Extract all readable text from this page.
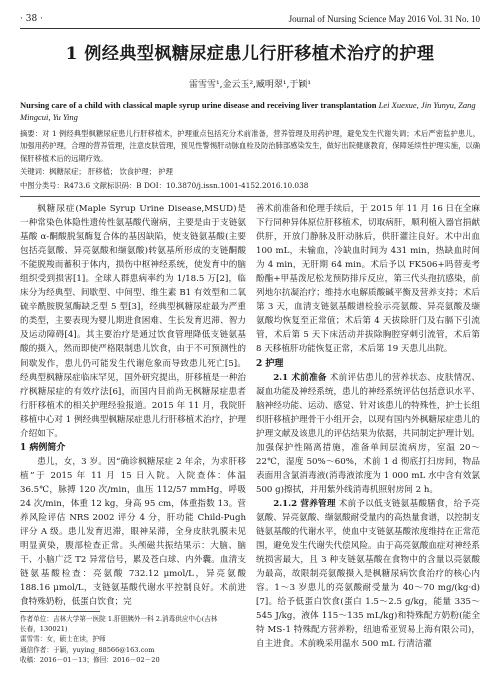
· 38 ·	Journal of Nursing Science May 2016 Vol. 31 No. 10
1 例经典型枫糖尿症患儿行肝移植术治疗的护理
雷雪雪¹,金云玉²,臧明翠¹,于颖¹
Nursing care of a child with classical maple syrup urine disease and receiving liver transplantation Lei Xuexue, Jin Yunyu, Zang
Mingcui, Yu Ying
摘要：对 1 例经典型枫糖尿症患儿行肝移植术，护理重点包括充分术前准备，营养管理及用药护理，避免发生代谢失调；术后严密监护患儿，加强用药护理，合理的营养管理，注意皮肤管理，预见性警惕肝动脉血栓及防治肺部感染发生，做好出院健康教育，保障延续性护理实施，以确保肝移植术后的远期疗效。
关键词：枫糖尿症； 肝移植； 饮食护理； 护理
中图分类号：R473.6 文献标识码：B DOI：10.3870/j.issn.1001-4152.2016.10.038

枫糖尿症(Maple Syrup Urine Disease,MSUD)是一种常染色体隐性遗传性氨基酸代谢病，主要是由于支链氨基酸 α-酮酸脱氢酶复合体的基因缺陷，使支链氨基酸(主要包括亮氨酸、异亮氨酸和缬氨酸)转氨基所形成的支链酮酸不能脱羧而蓄积于体内，损伤中枢神经系统，使发育中的脑组织受到损害[1]。全球人群患病率约为 1/18.5 万[2]，临床分为经典型、间歇型、中间型、维生素 B1 有效型和二氧硫辛酰胺脱氢酶缺乏型 5 型[3]，经典型枫糖尿症最为严重的类型，主要表现为婴儿期进食困难、生长发育迟滞、智力及运动障碍[4]。其主要治疗是通过饮食管理降低支链氨基酸的摄入，然而即使严格限制患儿饮食，由于不可预测性的间歇发作，患儿仍可能发生代谢危象而导致患儿死亡[5]。经典型枫糖尿症临床罕见，国外研究提出，肝移植是一种治疗枫糖尿症的有效疗法[6]，而国内目前尚无枫糖尿症患者行肝移植术的相关护理经验报道。2015 年 11 月，我院肝移植中心对 1 例经典型枫糖尿症患儿行肝移植术治疗，护理介绍如下。

1 病例简介

患儿，女，3 岁。因“确诊枫糖尿症 2 年余，为求肝移植”于 2015 年 11 月 15 日入院。入院查体：体温 36.5℃，脉搏 120 次/min，血压 112/57 mmHg，呼吸 24 次/min，体重 12 kg，身高 95 cm，体重指数 13。营养风险评估 NRS 2002 评分 4 分，肝功能 Child-Pugh 评分 A 级。患儿发育迟滞，眼神呆滞，全身皮肤乳膜未见明显黄染，腹部检查正常。头颅磁共振结果示：大脑、脑干、小脑广泛 T2 异常信号，累及苍白球、内外囊。血清支链氨基酸检查：亮氨酸 732.12 μmol/L，异亮氨酸 188.16 μmol/L，支链氨基酸代谢水平控制良好。术前进食特殊奶粉，低蛋白饮食；完

作者单位：吉林大学第一医院 1.肝胆胰外一科 2.消毒供应中心(吉林
长春，130021)
雷雪雪：女，硕士在读，护师
通信作者：于颖，yuying_88566@163.com
收稿：2016－01－13；修回：2016－02－20

善术前准备和伦理手续后，于 2015 年 11 月 16 日在全麻下行同种异体原位肝移植术，切取病肝，顺利植入器官捐献供肝，开放门静脉及肝动脉后，供肝灌注良好。术中出血 100 mL，未输血，冷缺血时间为 431 min，热缺血时间为 4 min，无肝期 64 min。术后予以 FK506+吗替麦考酚酯+甲基泼尼松龙预防排斥反应，第三代头孢抗感染，前列地尔抗凝治疗；维持水电解质酸碱平衡及营养支持；术后第 3 天，血清支链氨基酸谱检验示亮氨酸、异亮氨酸及缬氨酸均恢复至正常值；术后第 4 天拔除肝门及右膈下引流管，术后第 5 天下床活动并拔除胸腔穿刺引流管，术后第 8 天移植肝功能恢复正常，术后第 19 天患儿出院。

2 护理

2.1 术前准备 术前评估患儿的营养状态、皮肤情况、凝血功能及神经系统，患儿的神经系统评估包括意识水平、脑神经功能、运动、感觉、针对该患儿的特殊性，护士长组织肝移植护理骨干小组开会，以现有国内外枫糖尿症患儿的护理文献及该患儿的评估结果为依据，共同制定护理计划。加强保护性隔离措施，准备单间层流病房，室温 20～22℃，湿度 50%～60%，术前 1 d 彻底打扫房间，物品表面用含氯消毒液(消毒液浓度为 1 000 mL 水中含有效氯 500 g)擦拭，并用紫外线消毒机照射房间 2 h。

2.1.2 营养管理 术前予以低支链氨基酸膳食，给予亮氨酸、异亮氨酸、缬氨酸耐受量内的高热量食谱，以控制支链氨基酸的代谢水平，使血中支链氨基酸浓度维持在正常范围，避免发生代谢失代偿风险。由于高亮氨酸血症对神经系统损害最大，且 3 种支链氨基酸在食物中的含量以亮氨酸为最高，故限制亮氨酸摄入是枫糖尿病饮食治疗的核心内容。1～3 岁患儿的亮氨酸耐受量为 40～70 mg/(kg·d)[7]。给予低蛋白饮食(蛋白 1.5～2.5 g/kg，能量 335～545 J/kg，液体 115～135 mL/kg)和特殊配方奶粉(能全特 MS-1 特殊配方营养粉，纽迪希亚贸易上海有限公司)，自主进食。术前晚采用温水 500 mL 行清洁灌
